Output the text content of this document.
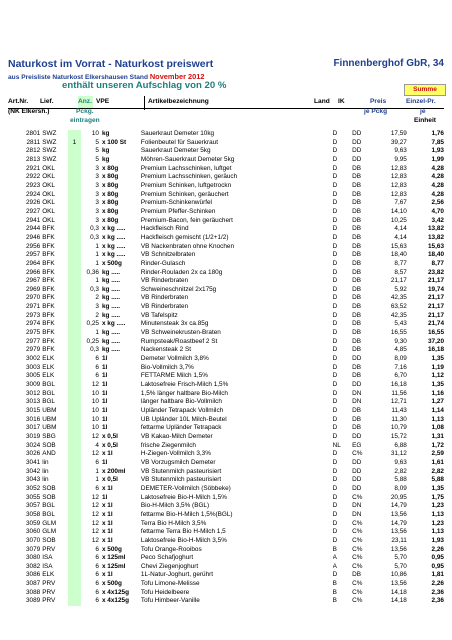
Naturkost im Vorrat - Naturkost preiswert	Finnenberghof GbR, 34
aus Preisliste Naturkost Elkershausen Stand November 2012
enthält unseren Aufschlag von 20 %	Summe
Art.Nr. Lief.	Anz. VPE	Artikelbezeichnung	Land IK	Preis	Einzel-Pr.
(NK Elkersh.)	Pckg.	je Pckg	je
eintragen	Einheit
2801	SWZ		10	kg	Sauerkraut Demeter 10kg	D	DD	17,59	1,76
2811	SWZ	1	5	x 100 St	Folienbeutel für Sauerkraut	D	DD	39,27	7,85
2812	SWZ		5	kg	Sauerkraut Demeter 5kg	D	DD	9,63	1,93
2813	SWZ		5	kg	Möhren-Sauerkraut Demeter 5kg	D	DD	9,95	1,99
2921	ÖKL		3	x 80g	Premium Lachsschinken, luftget	D	DB	12,83	4,28
2922	ÖKL		3	x 80g	Premium Lachsschinken, geräuch	D	DB	12,83	4,28
2923	ÖKL		3	x 80g	Premium Schinken, luftgetrockn	D	DB	12,83	4,28
2924	ÖKL		3	x 80g	Premium Schinken, geräuchert	D	DB	12,83	4,28
2926	ÖKL		3	x 80g	Premium-Schinkenwürfel	D	DB	7,67	2,56
2927	ÖKL		3	x 80g	Premium Pfeffer-Schinken	D	DB	14,10	4,70
2941	ÖKL		3	x 80g	Premium-Bacon, fein geräuchert	D	DB	10,25	3,42
2944	BFK		0,3	x kg .....	Hackfleisch Rind	D	DB	4,14	13,82
2946	BFK		0,3	x kg .....	Hackfleisch gemischt (1/2+1/2)	D	DB	4,14	13,82
2956	BFK		1	x kg .....	VB Nackenbraten ohne Knochen	D	DB	15,63	15,63
2957	BFK		1	x kg .....	VB Schnitzelbraten	D	DB	18,40	18,40
2964	BFK		1	x 500g	Rinder-Gulasch	D	DB	8,77	8,77
2966	BFK		0,36	kg .....	Rinder-Rouladen 2x ca 180g	D	DB	8,57	23,82
2967	BFK		1	kg .....	VB Rinderbraten	D	DB	21,17	21,17
2969	BFK		0,3	kg .....	Schweineschnitzel 2x175g	D	DB	5,92	19,74
2970	BFK		2	kg .....	VB Rinderbraten	D	DB	42,35	21,17
2971	BFK		3	kg .....	VB Rinderbraten	D	DB	63,52	21,17
2973	BFK		2	kg .....	VB Tafelspitz	D	DB	42,35	21,17
2974	BFK		0,25	x kg .....	Minutensteak 3x ca.85g	D	DB	5,43	21,74
2975	BFK		1	kg .....	VB Schweinekrusten-Braten	D	DB	16,55	16,55
2977	BFK		0,25	kg .....	Rumpsteak/Roastbeef 2 St	D	DB	9,30	37,20
2979	BFK		0,3	kg .....	Nackensteak 2 St	D	DB	4,85	16,18
3002	ELK		6	1l	Demeter Vollmilch 3,8%	D	DD	8,09	1,35
3003	ELK		6	1l	Bio-Vollmilch 3,7%	D	DB	7,16	1,19
3005	ELK		6	1l	FETTARME Milch 1,5%	D	DB	6,70	1,12
3009	BGL		12	1l	Laktosefreie Frisch-Milch 1,5%	D	DD	16,18	1,35
3012	BGL		10	1l	1,5% länger haltbare Bio-Milch	D	DN	11,56	1,16
3013	BGL		10	1l	länger haltbare Bio-Vollmilch	D	DN	12,71	1,27
3015	UBM		10	1l	Upländer Tetrapack Vollmilch	D	DB	11,43	1,14
3016	UBM		10	1l	UB Upländer 10L Milch-Beutel	D	DB	11,30	1,13
3017	UBM		10	1l	fettarme Upländer Tetrapack	D	DB	10,79	1,08
3019	SBG		12	x 0,5l	VB Kakao-Milch Demeter	D	DD	15,72	1,31
3024	SÖB		4	x 0,5l	frische Ziegenmilch	NL	EG	6,88	1,72
3026	AND		12	x 1l	H-Ziegen-Vollmilch 3,3%	D	C%	31,12	2,59
3041	lin		6	1l	VB Vorzugsmilch Demeter	D	DD	9,63	1,61
3042	lin		1	x 200ml	VB Stutenmilch pasteurisiert	D	DD	2,82	2,82
3043	lin		1	x 0,5l	VB Stutenmilch pasteurisiert	D	DD	5,88	5,88
3052	SÖB		6	x 1l	DEMETER-Vollmilch (Söbbeke)	D	DD	8,09	1,35
3055	SÖB		12	1l	Laktosefreie Bio-H-Milch 1,5%	D	C%	20,95	1,75
3057	BGL		12	x 1l	Bio-H-Milch 3,5% (BGL)	D	DN	14,79	1,23
3058	BGL		12	x 1l	fettarme Bio-H-Milch 1,5%(BGL)	D	DN	13,56	1,13
3059	GLM		12	x 1l	Terra Bio H-Milch 3,5%	D	C%	14,79	1,23
3060	GLM		12	x 1l	fettarme Terra Bio H-Milch 1,5	D	C%	13,56	1,13
3070	SÖB		12	x 1l	Laktosefreie Bio-H-Milch 3,5%	D	C%	23,11	1,93
3079	PRV		6	x 500g	Tofu Orange-Rooibos	B	C%	13,56	2,26
3080	ISA		6	x 125ml	Peco Schafjoghurt	A	C%	5,70	0,95
3082	ISA		6	x 125ml	Chevi Ziegenjoghurt	A	C%	5,70	0,95
3086	ELK		6	x 1l	1L-Natur-Joghurt, gerührt	D	DB	10,86	1,81
3087	PRV		6	x 500g	Tofu Limone-Melisse	B	C%	13,56	2,26
3088	PRV		6	x 4x125g	Tofu Heidelbeere	B	C%	14,18	2,36
3089	PRV		6	x 4x125g	Tofu Himbeer-Vanille	B	C%	14,18	2,36
